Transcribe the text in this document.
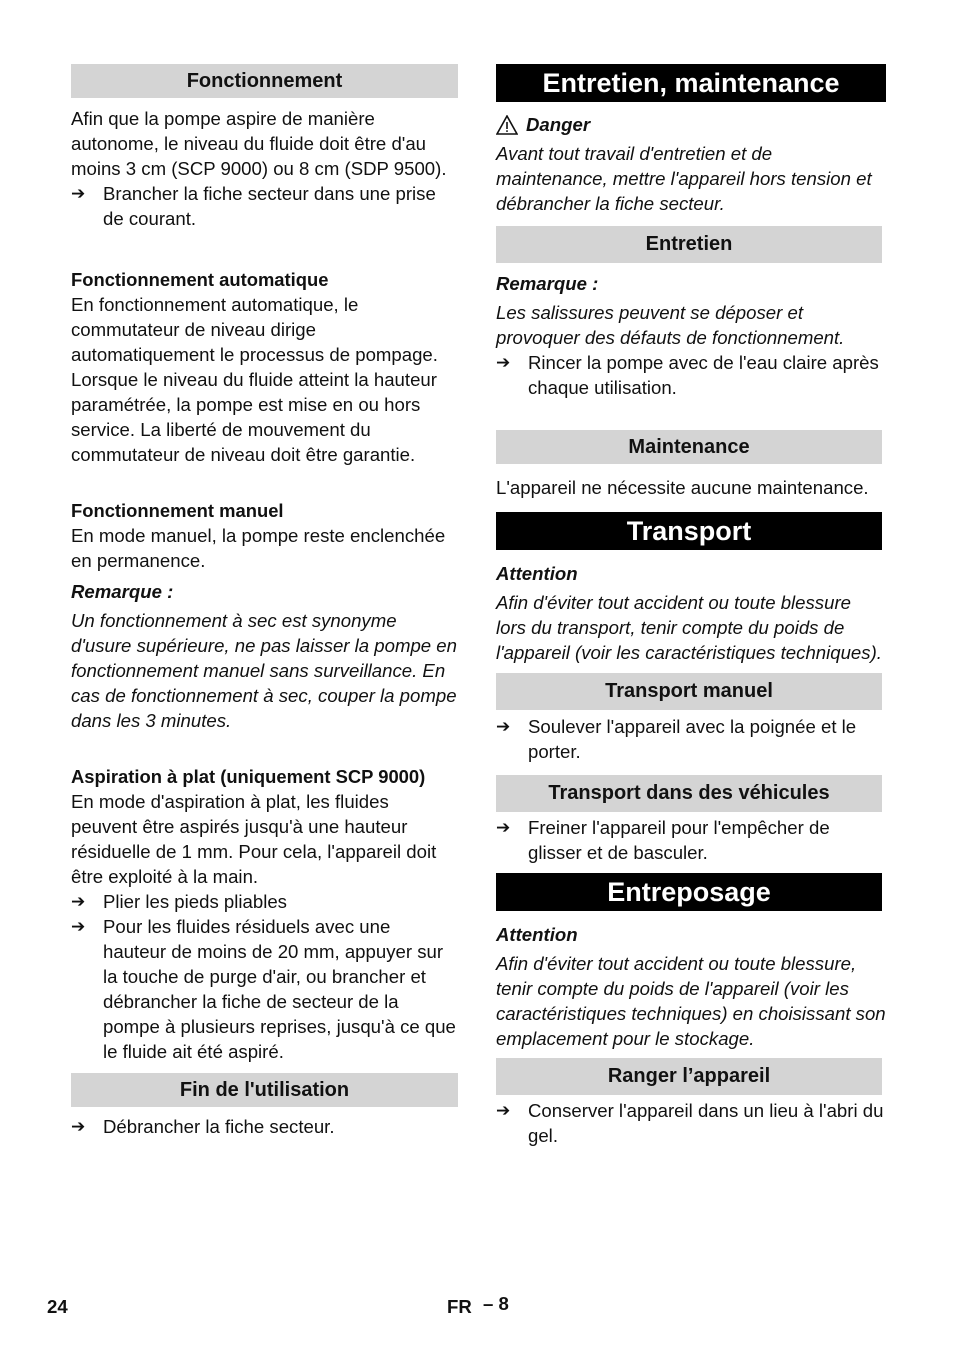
Fonctionnement

Afin que la pompe aspire de manière autonome, le niveau du fluide doit être d'au moins 3 cm (SCP 9000) ou 8 cm (SDP 9500).

➔ Brancher la fiche secteur dans une prise de courant.
Fonctionnement automatique

En fonctionnement automatique, le commutateur de niveau dirige automatiquement le processus de pompage. Lorsque le niveau du fluide atteint la hauteur paramétrée, la pompe est mise en ou hors service. La liberté de mouvement du commutateur de niveau doit être garantie.

Fonctionnement manuel

En mode manuel, la pompe reste enclenchée en permanence.

Remarque :

Un fonctionnement à sec est synonyme d'usure supérieure, ne pas laisser la pompe en fonctionnement manuel sans surveillance. En cas de fonctionnement à sec, couper la pompe dans les 3 minutes.

Aspiration à plat (uniquement SCP 9000)

En mode d'aspiration à plat, les fluides peuvent être aspirés jusqu'à une hauteur résiduelle de 1 mm. Pour cela, l'appareil doit être exploité à la main.

➔ Plier les pieds pliables
➔ Pour les fluides résiduels avec une hauteur de moins de 20 mm, appuyer sur la touche de purge d'air, ou brancher et débrancher la fiche de secteur de la pompe à plusieurs reprises, jusqu'à ce que le fluide ait été aspiré.
Fin de l'utilisation
➔ Débrancher la fiche secteur.
Entretien, maintenance
Danger

Avant tout travail d'entretien et de maintenance, mettre l'appareil hors tension et débrancher la fiche secteur.

Entretien
Remarque :

Les salissures peuvent se déposer et provoquer des défauts de fonctionnement.

➔ Rincer la pompe avec de l'eau claire après chaque utilisation.
Maintenance

L'appareil ne nécessite aucune maintenance.

Transport
Attention

Afin d'éviter tout accident ou toute blessure lors du transport, tenir compte du poids de l'appareil (voir les caractéristiques techniques).

Transport manuel
➔ Soulever l'appareil avec la poignée et le porter.
Transport dans des véhicules
➔ Freiner l'appareil pour l'empêcher de glisser et de basculer.
Entreposage
Attention

Afin d'éviter tout accident ou toute blessure, tenir compte du poids de l'appareil (voir les caractéristiques techniques) en choisissant son emplacement pour le stockage.

Ranger l’appareil
➔ Conserver l'appareil dans un lieu à l'abri du gel.
24	FR – 8
